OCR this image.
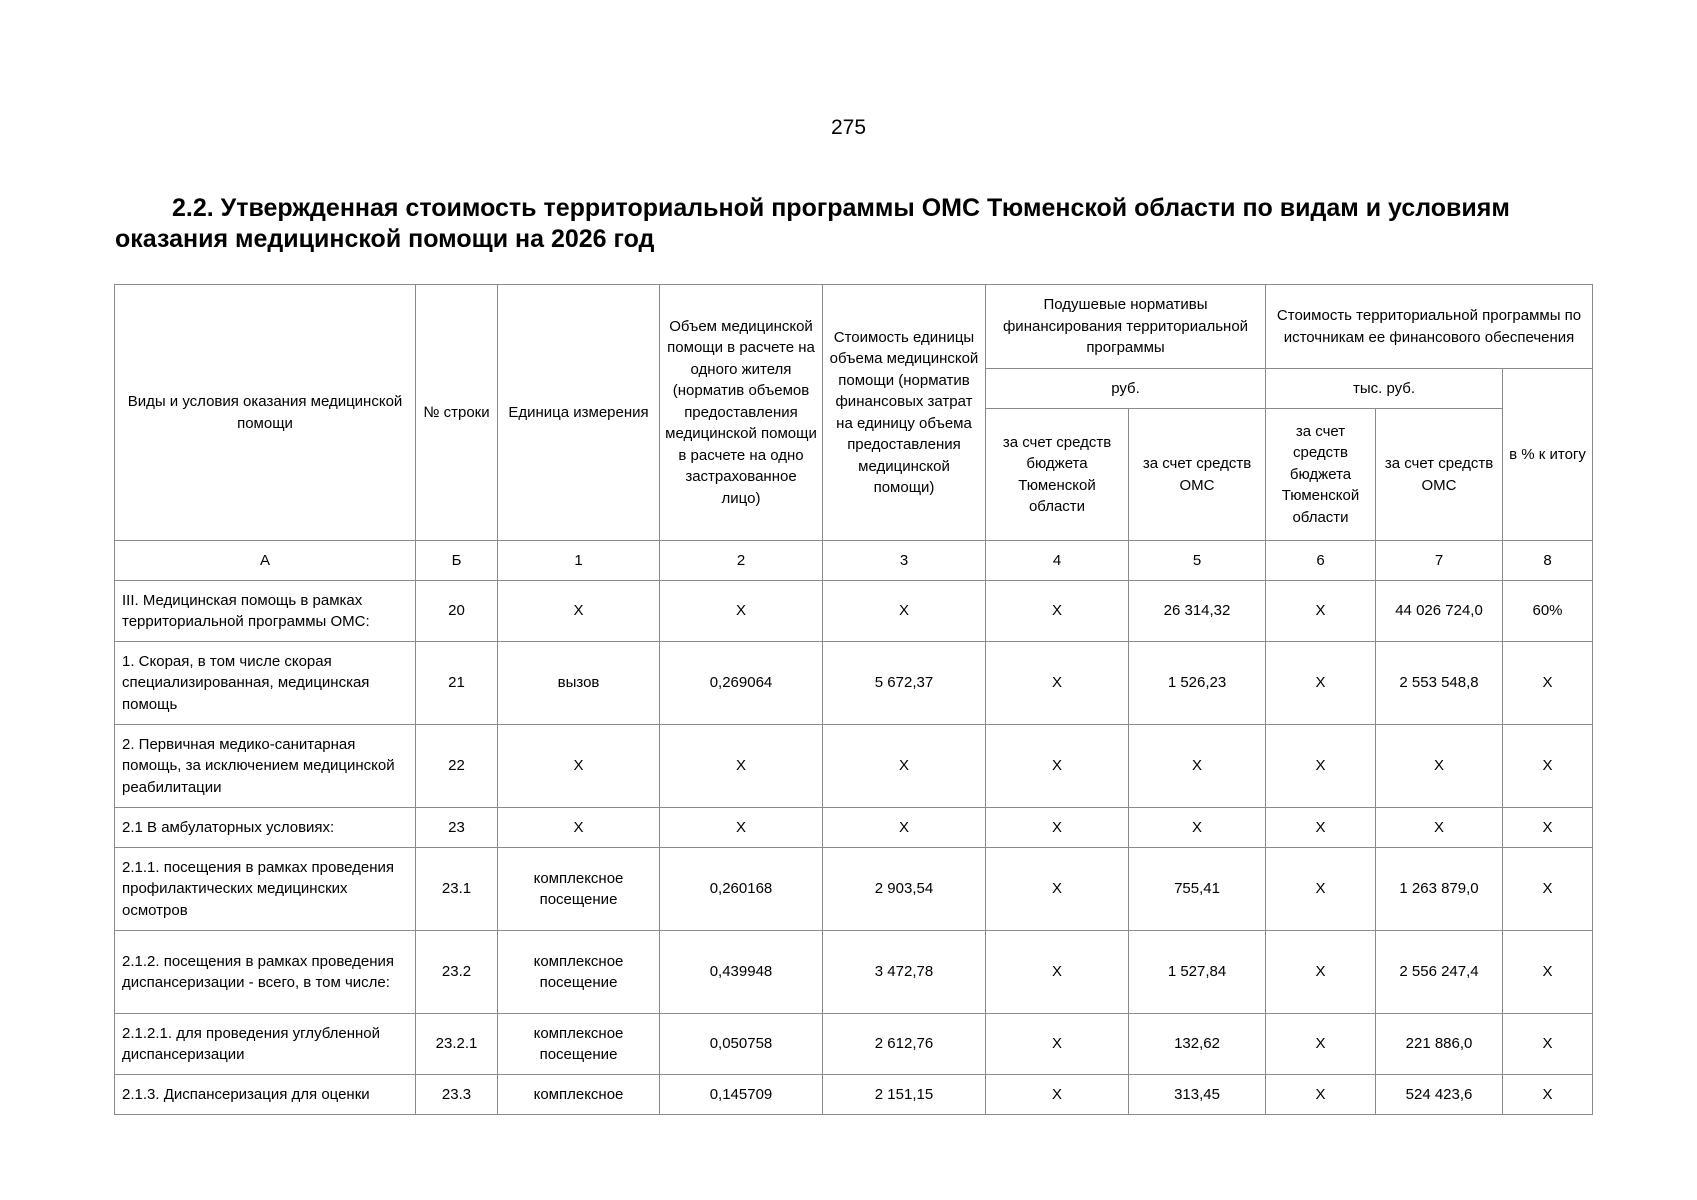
275
2.2. Утвержденная стоимость территориальной программы ОМС Тюменской области по видам и условиям оказания медицинской помощи на 2026 год
Виды и условия оказания медицинской помощи	№ строки	Единица измерения	Объем медицинской помощи в расчете на одного жителя (норматив объемов предоставления медицинской помощи в расчете на одно застрахованное лицо)	Стоимость единицы объема медицинской помощи (норматив финансовых затрат на единицу объема предоставления медицинской помощи)	Подушевые нормативы финансирования территориальной программы		Стоимость территориальной программы по источникам ее финансового обеспечения		
					руб.		тыс. руб.		в % к итогу
					за счет средств бюджета Тюменской области	за счет средств ОМС	за счет средств бюджета Тюменской области	за счет средств ОМС	
А	Б	1	2	3	4	5	6	7	8
III. Медицинская помощь в рамках территориальной программы ОМС:	20	X	X	X	X	26 314,32	X	44 026 724,0	60%
1. Скорая, в том числе скорая специализированная, медицинская помощь	21	вызов	0,269064	5 672,37	X	1 526,23	X	2 553 548,8	X
2. Первичная медико-санитарная помощь, за исключением медицинской реабилитации	22	X	X	X	X	X	X	X	X
2.1 В амбулаторных условиях:	23	X	X	X	X	X	X	X	X
2.1.1. посещения в рамках проведения профилактических медицинских осмотров	23.1	комплексное посещение	0,260168	2 903,54	X	755,41	X	1 263 879,0	X
2.1.2. посещения в рамках проведения диспансеризации - всего, в том числе:	23.2	комплексное посещение	0,439948	3 472,78	X	1 527,84	X	2 556 247,4	X
2.1.2.1. для проведения углубленной диспансеризации	23.2.1	комплексное посещение	0,050758	2 612,76	X	132,62	X	221 886,0	X
2.1.3. Диспансеризация для оценки	23.3	комплексное	0,145709	2 151,15	X	313,45	X	524 423,6	X
